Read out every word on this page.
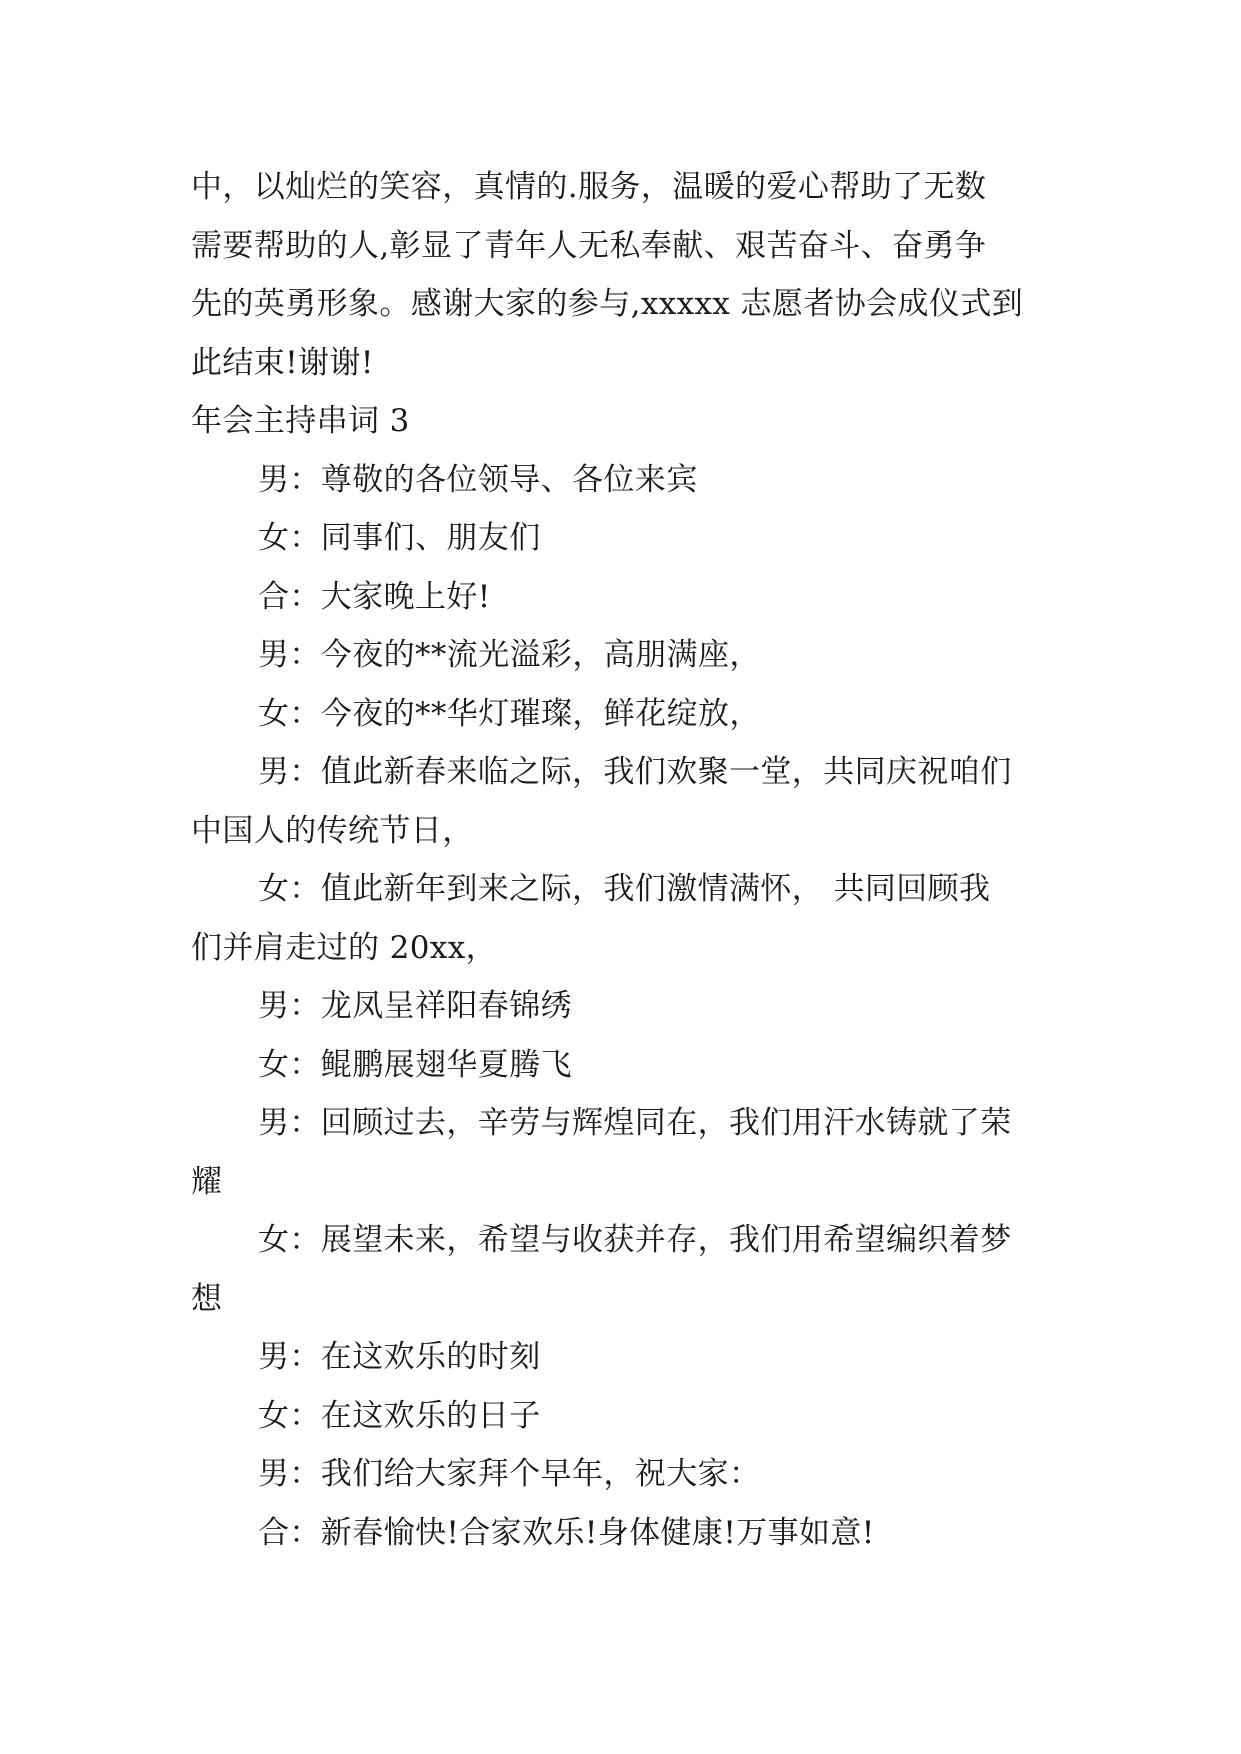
中，以灿烂的笑容，真情的.服务，温暖的爱心帮助了无数
需要帮助的人,彰显了青年人无私奉献、艰苦奋斗、奋勇争
先的英勇形象。感谢大家的参与,xxxxx 志愿者协会成仪式到
此结束!谢谢!
年会主持串词 3
男：尊敬的各位领导、各位来宾
女：同事们、朋友们
合：大家晚上好!
男：今夜的**流光溢彩，高朋满座，
女：今夜的**华灯璀璨，鲜花绽放，
男：值此新春来临之际，我们欢聚一堂，共同庆祝咱们
中国人的传统节日，
女：值此新年到来之际，我们激情满怀， 共同回顾我
们并肩走过的 20xx，
男：龙凤呈祥阳春锦绣
女：鲲鹏展翅华夏腾飞
男：回顾过去，辛劳与辉煌同在，我们用汗水铸就了荣
耀
女：展望未来，希望与收获并存，我们用希望编织着梦
想
男：在这欢乐的时刻
女：在这欢乐的日子
男：我们给大家拜个早年，祝大家：
合：新春愉快!合家欢乐!身体健康!万事如意!
